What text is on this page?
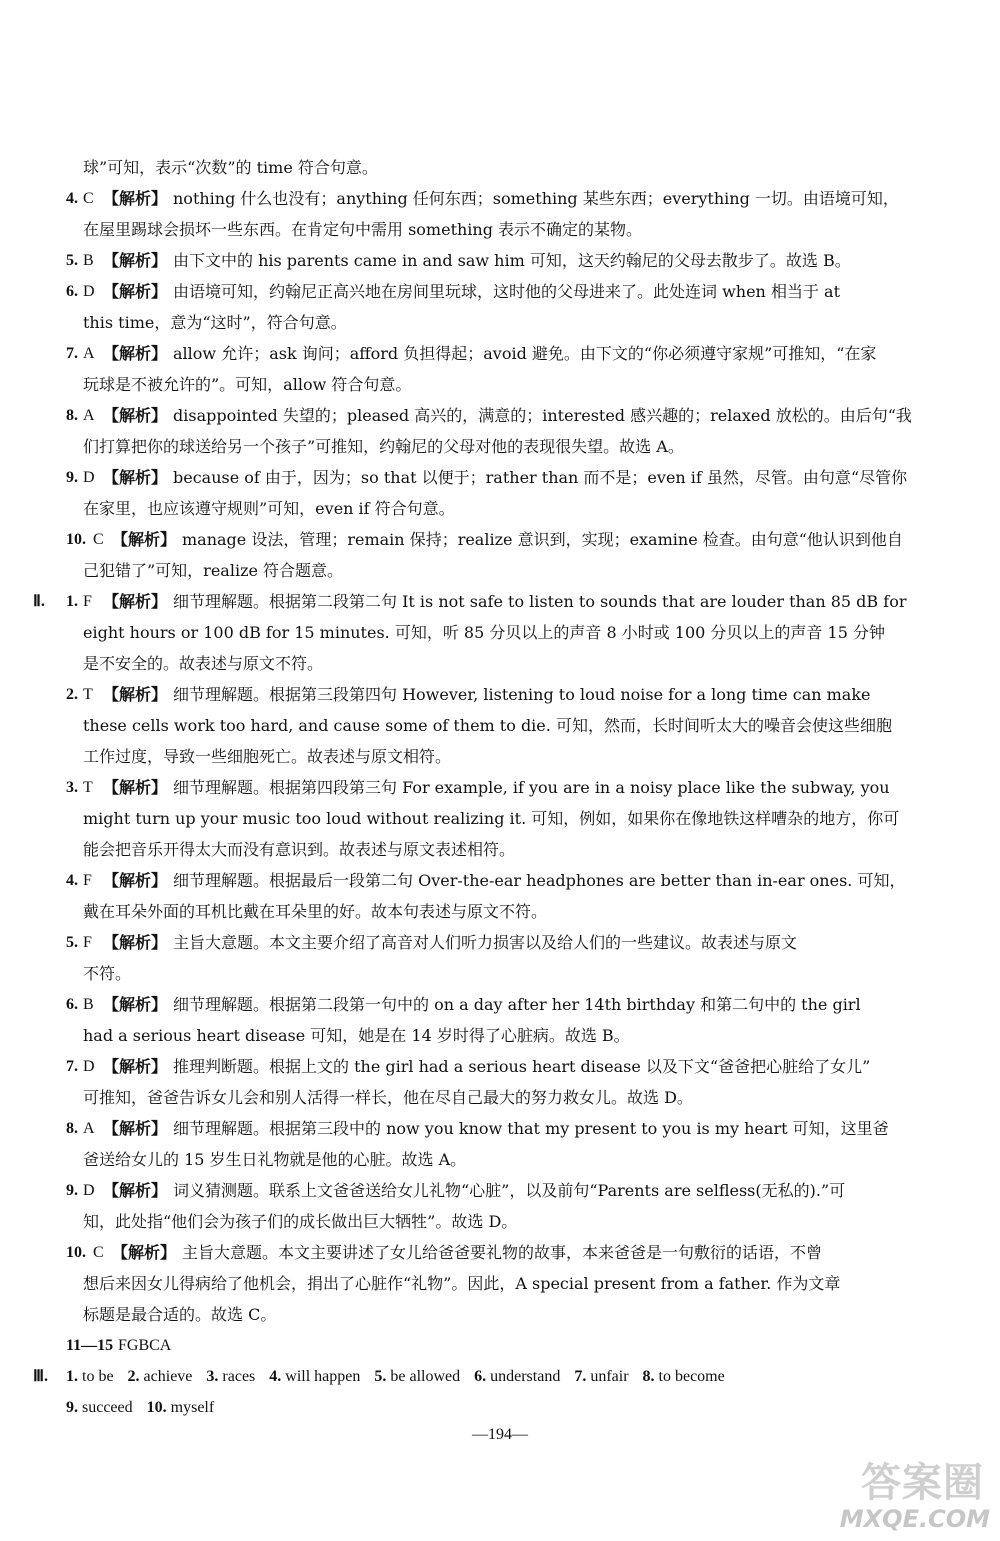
球”可知，表示“次数”的 time 符合句意。
4. C 【解析】 nothing 什么也没有；anything 任何东西；something 某些东西；everything 一切。由语境可知，
在屋里踢球会损坏一些东西。在肯定句中需用 something 表示不确定的某物。
5. B 【解析】 由下文中的 his parents came in and saw him 可知，这天约翰尼的父母去散步了。故选 B。
6. D 【解析】 由语境可知，约翰尼正高兴地在房间里玩球，这时他的父母进来了。此处连词 when 相当于 at
this time，意为“这时”，符合句意。
7. A 【解析】 allow 允许；ask 询问；afford 负担得起；avoid 避免。由下文的“你必须遵守家规”可推知，“在家
玩球是不被允许的”。可知，allow 符合句意。
8. A 【解析】 disappointed 失望的；pleased 高兴的，满意的；interested 感兴趣的；relaxed 放松的。由后句“我
们打算把你的球送给另一个孩子”可推知，约翰尼的父母对他的表现很失望。故选 A。
9. D 【解析】 because of 由于，因为；so that 以便于；rather than 而不是；even if 虽然，尽管。由句意“尽管你
在家里，也应该遵守规则”可知，even if 符合句意。
10. C 【解析】 manage 设法，管理；remain 保持；realize 意识到，实现；examine 检查。由句意“他认识到他自
己犯错了”可知，realize 符合题意。
Ⅱ. 1. F 【解析】 细节理解题。根据第二段第二句 It is not safe to listen to sounds that are louder than 85 dB for
eight hours or 100 dB for 15 minutes. 可知，听 85 分贝以上的声音 8 小时或 100 分贝以上的声音 15 分钟
是不安全的。故表述与原文不符。
2. T 【解析】 细节理解题。根据第三段第四句 However, listening to loud noise for a long time can make
these cells work too hard, and cause some of them to die. 可知，然而，长时间听太大的噪音会使这些细胞
工作过度，导致一些细胞死亡。故表述与原文相符。
3. T 【解析】 细节理解题。根据第四段第三句 For example, if you are in a noisy place like the subway, you
might turn up your music too loud without realizing it. 可知，例如，如果你在像地铁这样嘈杂的地方，你可
能会把音乐开得太大而没有意识到。故表述与原文表述相符。
4. F 【解析】 细节理解题。根据最后一段第二句 Over-the-ear headphones are better than in-ear ones. 可知，
戴在耳朵外面的耳机比戴在耳朵里的好。故本句表述与原文不符。
5. F 【解析】 主旨大意题。本文主要介绍了高音对人们听力损害以及给人们的一些建议。故表述与原文
不符。
6. B 【解析】 细节理解题。根据第二段第一句中的 on a day after her 14th birthday 和第二句中的 the girl
had a serious heart disease 可知，她是在 14 岁时得了心脏病。故选 B。
7. D 【解析】 推理判断题。根据上文的 the girl had a serious heart disease 以及下文“爸爸把心脏给了女儿”
可推知，爸爸告诉女儿会和别人活得一样长，他在尽自己最大的努力救女儿。故选 D。
8. A 【解析】 细节理解题。根据第三段中的 now you know that my present to you is my heart 可知，这里爸
爸送给女儿的 15 岁生日礼物就是他的心脏。故选 A。
9. D 【解析】 词义猜测题。联系上文爸爸送给女儿礼物“心脏”，以及前句“Parents are selfless(无私的).”可
知，此处指“他们会为孩子们的成长做出巨大牺牲”。故选 D。
10. C 【解析】 主旨大意题。本文主要讲述了女儿给爸爸要礼物的故事，本来爸爸是一句敷衍的话语，不曾
想后来因女儿得病给了他机会，捐出了心脏作“礼物”。因此，A special present from a father. 作为文章
标题是最合适的。故选 C。
11—15 FGBCA
Ⅲ. 1. to be 2. achieve 3. races 4. will happen 5. be allowed 6. understand 7. unfair 8. to become
9. succeed 10. myself
—194—
答案圈
MXQE.COM
